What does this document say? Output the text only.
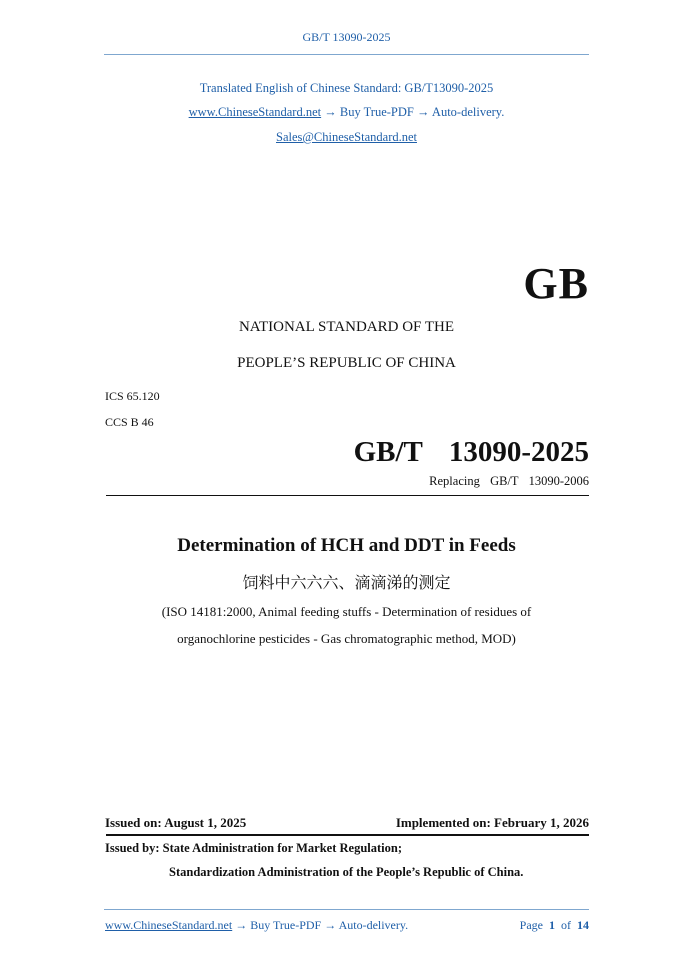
GB/T 13090-2025
Translated English of Chinese Standard: GB/T13090-2025
www.ChineseStandard.net → Buy True-PDF → Auto-delivery.
Sales@ChineseStandard.net
GB
NATIONAL STANDARD OF THE
PEOPLE’S REPUBLIC OF CHINA
ICS 65.120
CCS B 46
GB/T  13090-2025
Replacing  GB/T  13090-2006
Determination of HCH and DDT in Feeds
饲料中六六六、滴滴涕的测定
(ISO 14181:2000, Animal feeding stuffs - Determination of residues of
organochlorine pesticides - Gas chromatographic method, MOD)
Issued on: August 1, 2025	Implemented on: February 1, 2026
Issued by: State Administration for Market Regulation;
Standardization Administration of the People’s Republic of China.
www.ChineseStandard.net → Buy True-PDF → Auto-delivery.	Page 1 of 14
